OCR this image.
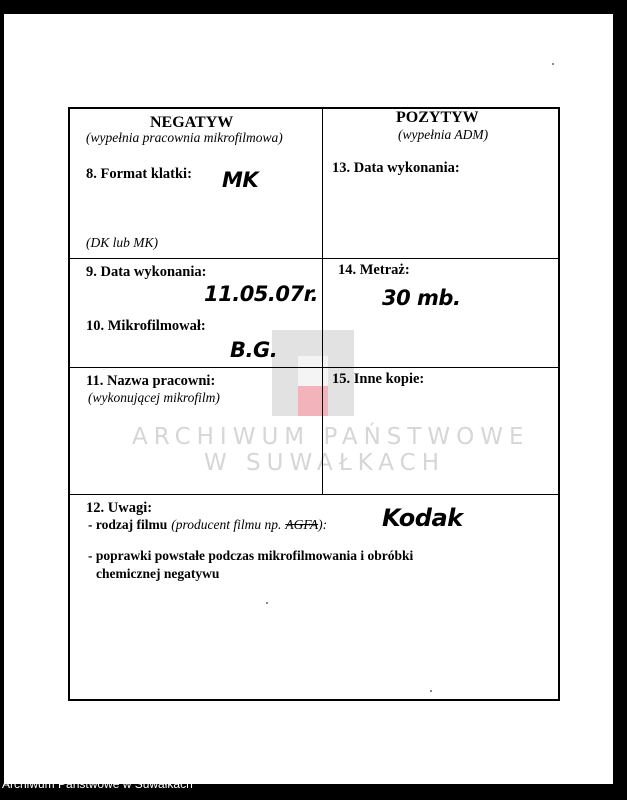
ARCHIWUM PAŃSTWOWE
W SUWAŁKACH
NEGATYW
(wypełnia pracownia mikrofilmowa)
8. Format klatki: MK
(DK lub MK)
9. Data wykonania:
11.05.07r.
10. Mikrofilmował:
B.G.
11. Nazwa pracowni:
(wykonującej mikrofilm)
POZYTYW
(wypełnia ADM)
13. Data wykonania:
14. Metraż:
30 mb.
15. Inne kopie:
12. Uwagi:
- rodzaj filmu (producent filmu np. AGFA): Kodak
- poprawki powstałe podczas mikrofilmowania i obróbki
chemicznej negatywu
Archiwum Państwowe w Suwałkach
